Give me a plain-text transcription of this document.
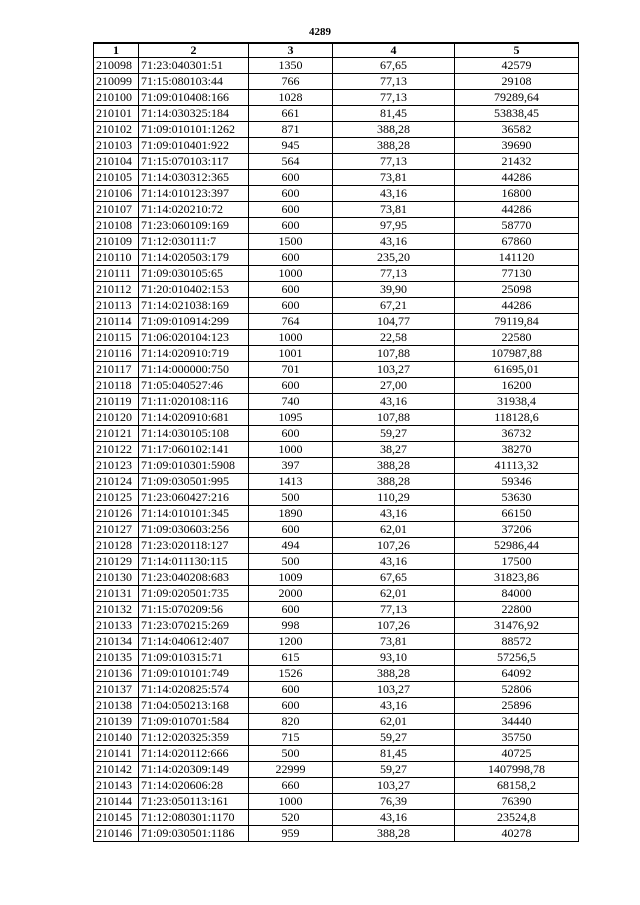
4289
1	2	3	4	5
210098	71:23:040301:51	1350	67,65	42579
210099	71:15:080103:44	766	77,13	29108
210100	71:09:010408:166	1028	77,13	79289,64
210101	71:14:030325:184	661	81,45	53838,45
210102	71:09:010101:1262	871	388,28	36582
210103	71:09:010401:922	945	388,28	39690
210104	71:15:070103:117	564	77,13	21432
210105	71:14:030312:365	600	73,81	44286
210106	71:14:010123:397	600	43,16	16800
210107	71:14:020210:72	600	73,81	44286
210108	71:23:060109:169	600	97,95	58770
210109	71:12:030111:7	1500	43,16	67860
210110	71:14:020503:179	600	235,20	141120
210111	71:09:030105:65	1000	77,13	77130
210112	71:20:010402:153	600	39,90	25098
210113	71:14:021038:169	600	67,21	44286
210114	71:09:010914:299	764	104,77	79119,84
210115	71:06:020104:123	1000	22,58	22580
210116	71:14:020910:719	1001	107,88	107987,88
210117	71:14:000000:750	701	103,27	61695,01
210118	71:05:040527:46	600	27,00	16200
210119	71:11:020108:116	740	43,16	31938,4
210120	71:14:020910:681	1095	107,88	118128,6
210121	71:14:030105:108	600	59,27	36732
210122	71:17:060102:141	1000	38,27	38270
210123	71:09:010301:5908	397	388,28	41113,32
210124	71:09:030501:995	1413	388,28	59346
210125	71:23:060427:216	500	110,29	53630
210126	71:14:010101:345	1890	43,16	66150
210127	71:09:030603:256	600	62,01	37206
210128	71:23:020118:127	494	107,26	52986,44
210129	71:14:011130:115	500	43,16	17500
210130	71:23:040208:683	1009	67,65	31823,86
210131	71:09:020501:735	2000	62,01	84000
210132	71:15:070209:56	600	77,13	22800
210133	71:23:070215:269	998	107,26	31476,92
210134	71:14:040612:407	1200	73,81	88572
210135	71:09:010315:71	615	93,10	57256,5
210136	71:09:010101:749	1526	388,28	64092
210137	71:14:020825:574	600	103,27	52806
210138	71:04:050213:168	600	43,16	25896
210139	71:09:010701:584	820	62,01	34440
210140	71:12:020325:359	715	59,27	35750
210141	71:14:020112:666	500	81,45	40725
210142	71:14:020309:149	22999	59,27	1407998,78
210143	71:14:020606:28	660	103,27	68158,2
210144	71:23:050113:161	1000	76,39	76390
210145	71:12:080301:1170	520	43,16	23524,8
210146	71:09:030501:1186	959	388,28	40278
